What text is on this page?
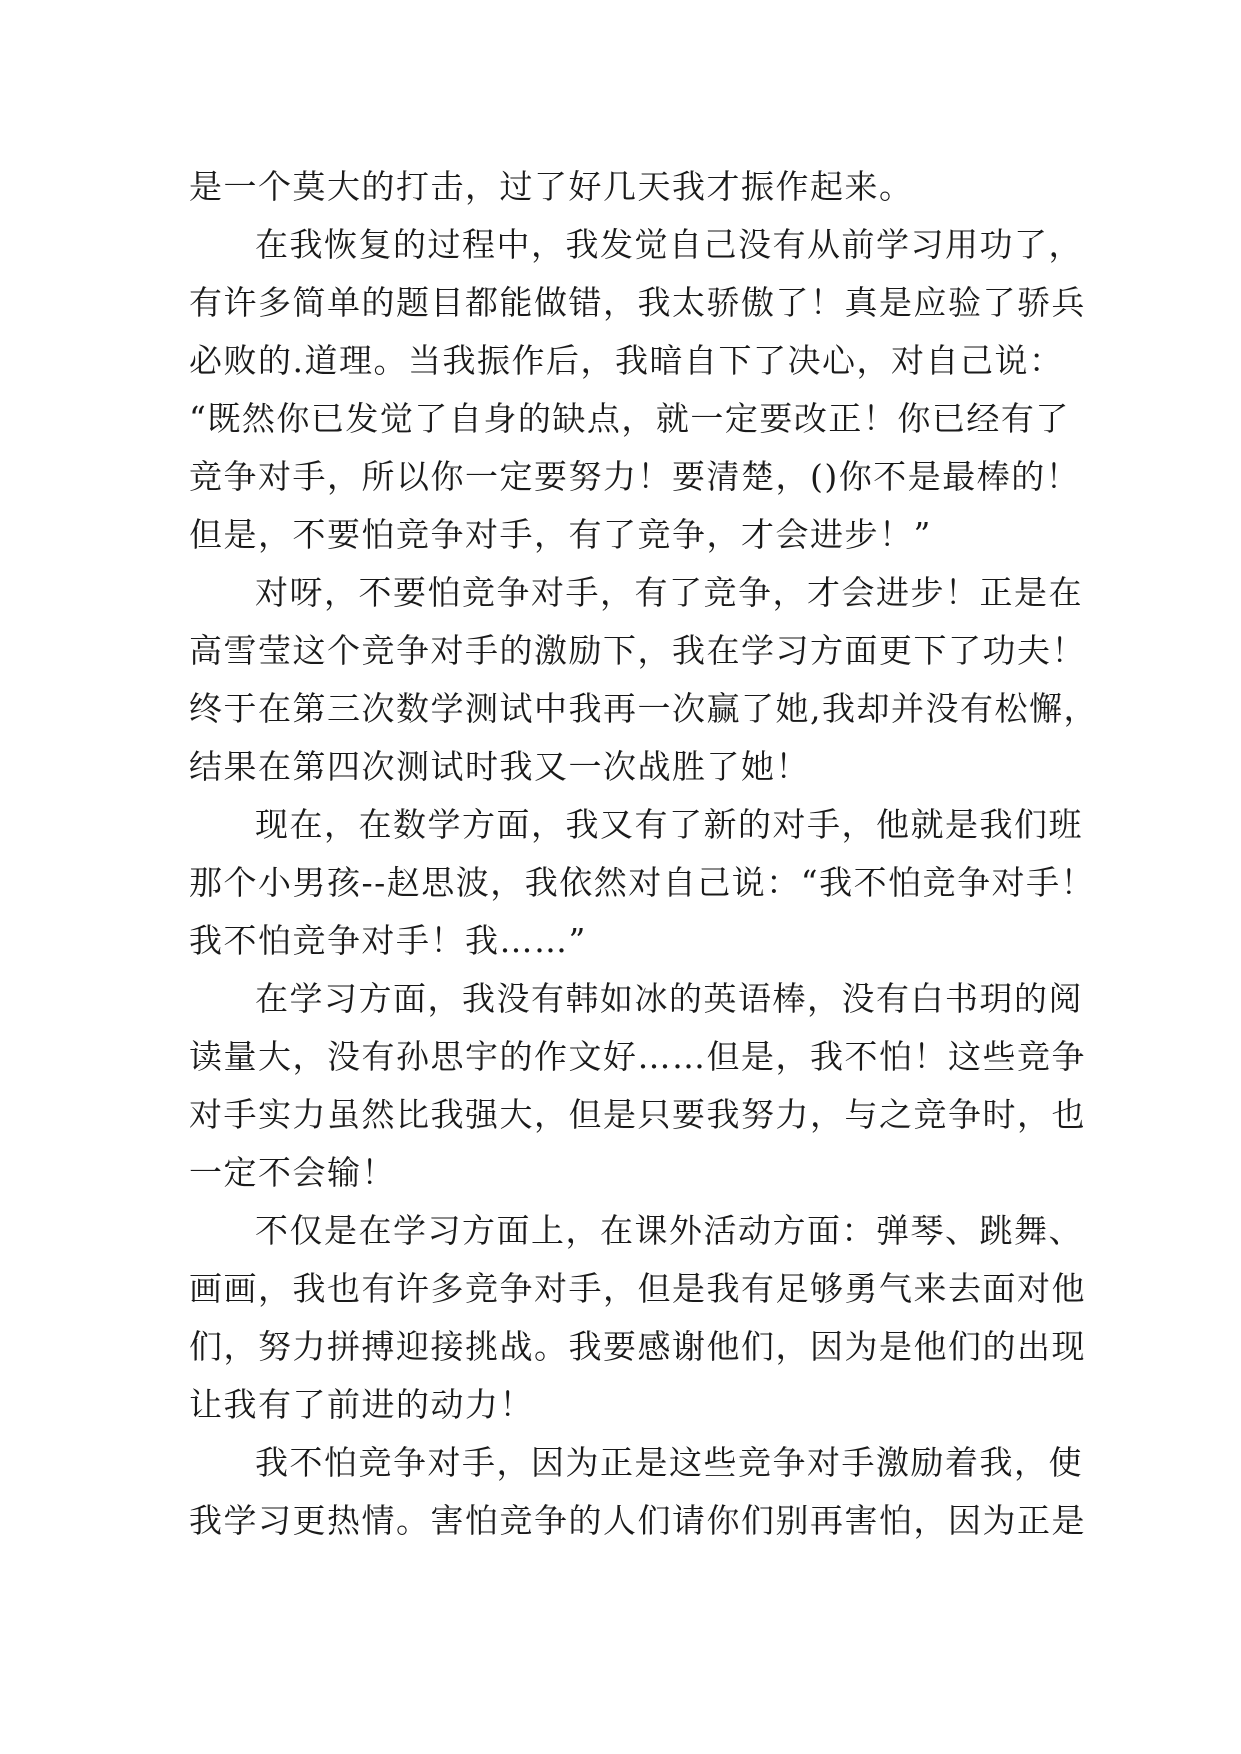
是一个莫大的打击，过了好几天我才振作起来。
在我恢复的过程中，我发觉自己没有从前学习用功了，
有许多简单的题目都能做错，我太骄傲了！真是应验了骄兵
必败的.道理。当我振作后，我暗自下了决心，对自己说：
“既然你已发觉了自身的缺点，就一定要改正！你已经有了
竞争对手，所以你一定要努力！要清楚，()你不是最棒的！
但是，不要怕竞争对手，有了竞争，才会进步！”
对呀，不要怕竞争对手，有了竞争，才会进步！正是在
高雪莹这个竞争对手的激励下，我在学习方面更下了功夫！
终于在第三次数学测试中我再一次赢了她,我却并没有松懈，
结果在第四次测试时我又一次战胜了她！
现在，在数学方面，我又有了新的对手，他就是我们班
那个小男孩--赵思波，我依然对自己说：“我不怕竞争对手！
我不怕竞争对手！我……”
在学习方面，我没有韩如冰的英语棒，没有白书玥的阅
读量大，没有孙思宇的作文好……但是，我不怕！这些竞争
对手实力虽然比我强大，但是只要我努力，与之竞争时，也
一定不会输！
不仅是在学习方面上，在课外活动方面：弹琴、跳舞、
画画，我也有许多竞争对手，但是我有足够勇气来去面对他
们，努力拼搏迎接挑战。我要感谢他们，因为是他们的出现
让我有了前进的动力！
我不怕竞争对手，因为正是这些竞争对手激励着我，使
我学习更热情。害怕竞争的人们请你们别再害怕，因为正是
